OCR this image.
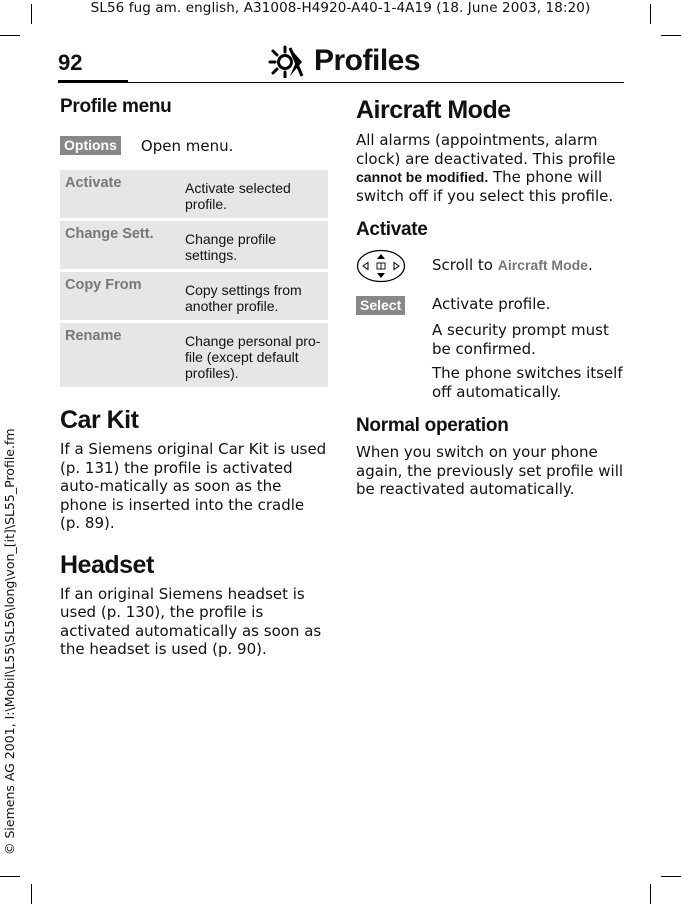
SL56 fug am. english, A31008-H4920-A40-1-4A19 (18. June 2003, 18:20)
© Siemens AG 2001, I:\Mobil\L55\SL56\long\von_[it]\SL55_Profile.fm
92	Profiles
Profile menu
Options Open menu.
Activate	Activate selected profile.
Change Sett.	Change profile settings.
Copy From	Copy settings from another profile.
Rename	Change personal pro-file (except default profiles).
Car Kit

If a Siemens original Car Kit is used (p. 131) the profile is activated auto-matically as soon as the phone is inserted into the cradle (p. 89).

Headset

If an original Siemens headset is used (p. 130), the profile is activated automatically as soon as the headset is used (p. 90).

Aircraft Mode

All alarms (appointments, alarm clock) are deactivated. This profile cannot be modified. The phone will switch off if you select this profile.

Activate
Scroll to Aircraft Mode.
Select	Activate profile.
A security prompt must be confirmed.
The phone switches itself off automatically.
Normal operation

When you switch on your phone again, the previously set profile will be reactivated automatically.
